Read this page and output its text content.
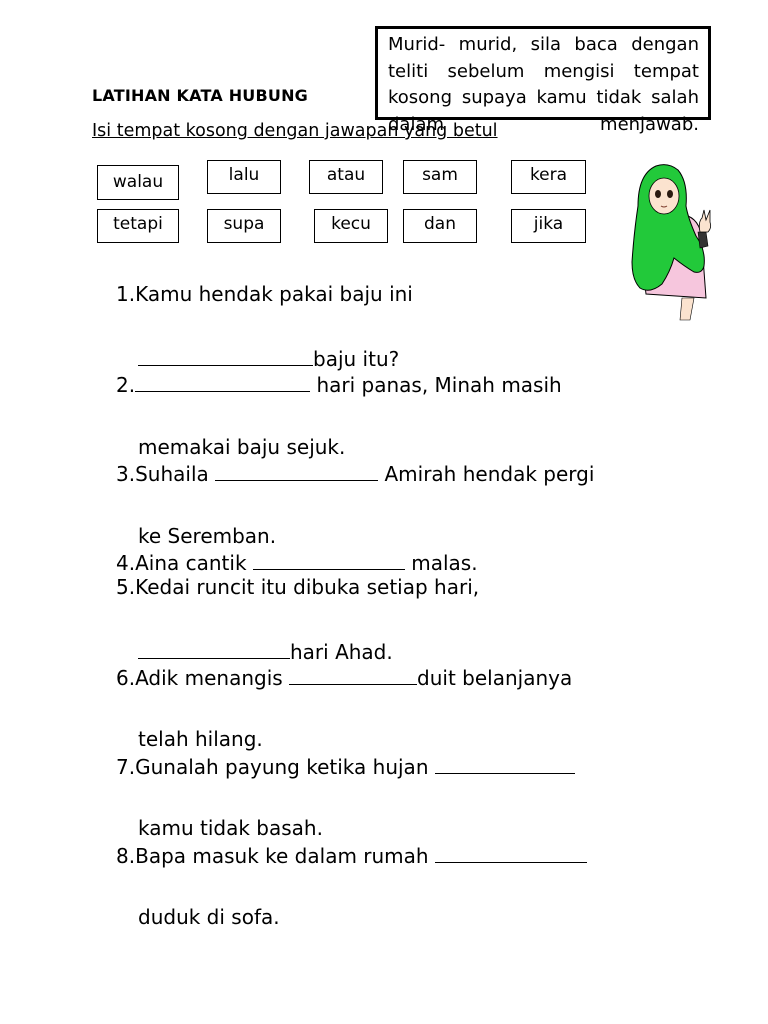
Murid- murid, sila baca dengan teliti sebelum mengisi tempat kosong supaya kamu tidak salah dalam menjawab.
LATIHAN KATA HUBUNG
Isi tempat kosong dengan jawapan yang betul
walau	lalu	atau	sam	kera
tetapi	supa	kecu	dan	jika
1.Kamu hendak pakai baju ini
baju itu?
2.	hari panas, Minah masih
memakai baju sejuk.
3.Suhaila	Amirah hendak pergi
ke Seremban.
4.Aina cantik	malas.
5.Kedai runcit itu dibuka setiap hari,
hari Ahad.
6.Adik menangis	duit belanjanya
telah hilang.
7.Gunalah payung ketika hujan
kamu tidak basah.
8.Bapa masuk ke dalam rumah
duduk di sofa.
